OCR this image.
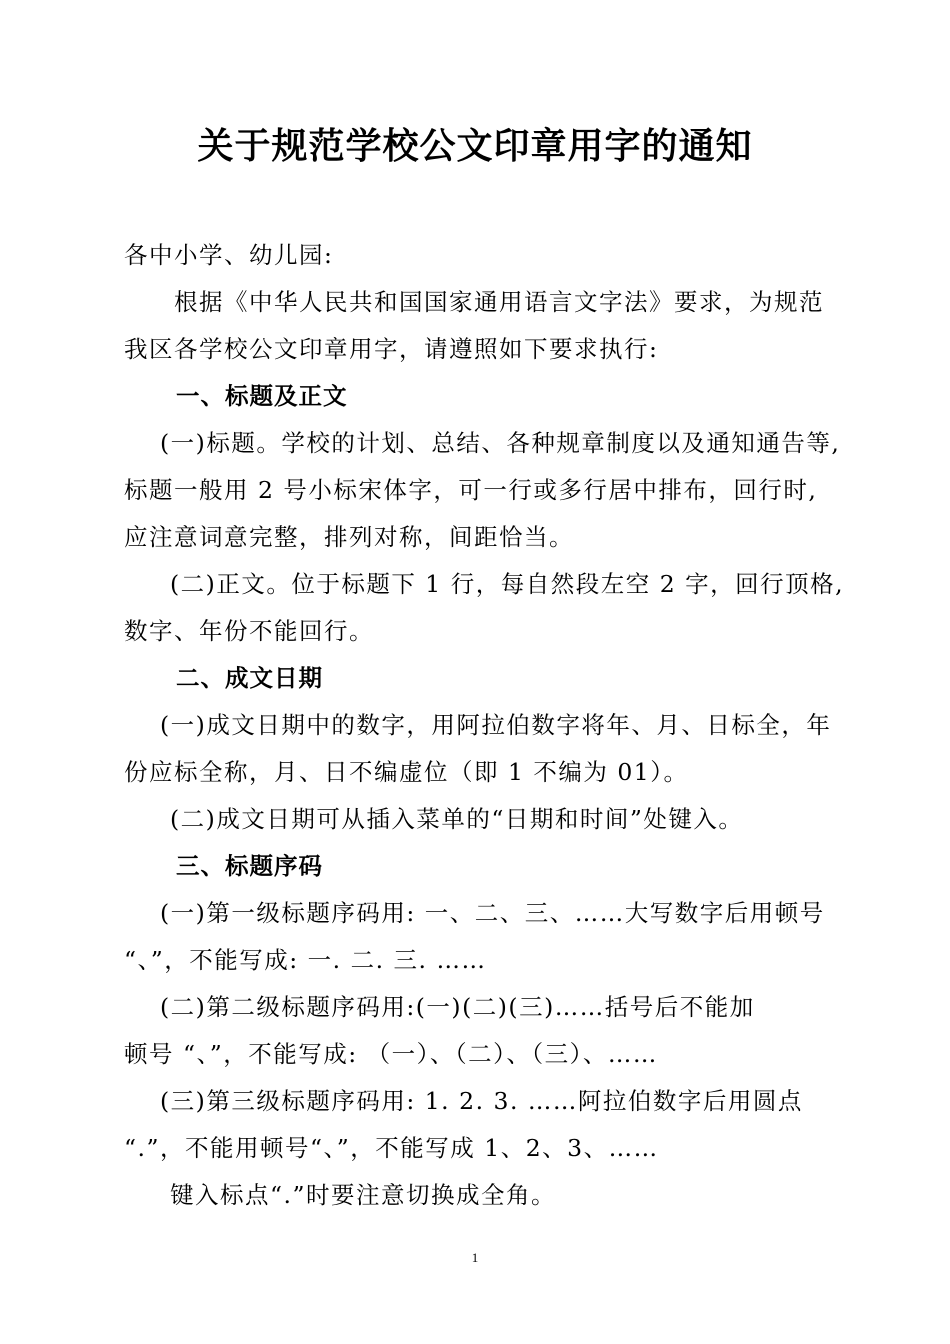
关于规范学校公文印章用字的通知

各中小学、幼儿园:

根据《中华人民共和国国家通用语言文字法》要求，为规范

我区各学校公文印章用字，请遵照如下要求执行:

一、标题及正文

(一)标题。学校的计划、总结、各种规章制度以及通知通告等,

标题一般用 2 号小标宋体字，可一行或多行居中排布，回行时,

应注意词意完整，排列对称，间距恰当。

(二)正文。位于标题下 1 行，每自然段左空 2 字，回行顶格,

数字、年份不能回行。

二、成文日期

(一)成文日期中的数字，用阿拉伯数字将年、月、日标全，年

份应标全称，月、日不编虚位（即 1 不编为 01）。

(二)成文日期可从插入菜单的“日期和时间”处键入。

三、标题序码

(一)第一级标题序码用: 一、二、三、……大写数字后用顿号

“、”，不能写成: 一. 二. 三. ……

(二)第二级标题序码用:(一)(二)(三)……括号后不能加

顿号 “、”，不能写成: （一）、（二）、（三）、……

(三)第三级标题序码用: 1. 2. 3. ……阿拉伯数字后用圆点

“.”，不能用顿号“、”，不能写成 1、2、3、……

键入标点“.”时要注意切换成全角。

1
